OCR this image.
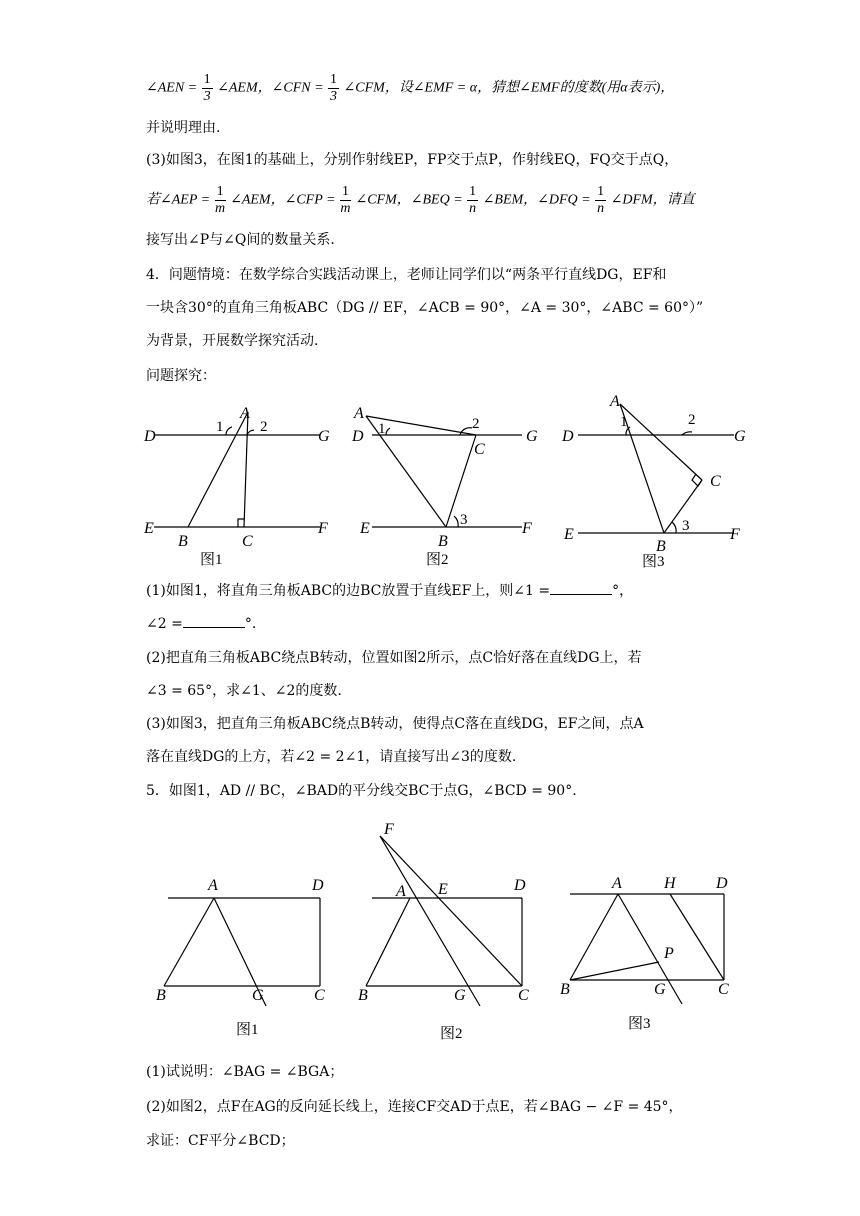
∠AEN = $\frac{1}{3}$ ∠AEM，∠CFN = $\frac{1}{3}$ ∠CFM，设∠EMF = α，猜想∠EMF的度数(用α表示)，
并说明理由.
(3)如图3，在图1的基础上，分别作射线EP，FP交于点P，作射线EQ，FQ交于点Q，
若∠AEP = $\frac{1}{m}$ ∠AEM，∠CFP = $\frac{1}{m}$ ∠CFM，∠BEQ = $\frac{1}{n}$ ∠BEM，∠DFQ = $\frac{1}{n}$ ∠DFM，请直
接写出∠P与∠Q间的数量关系.
4．问题情境：在数学综合实践活动课上，老师让同学们以“两条平行直线DG，EF和
一块含30°的直角三角板ABC（DG // EF，∠ACB = 90°，∠A = 30°，∠ABC = 60°）”
为背景，开展数学探究活动.
问题探究：
A
D	G
E	F
B	C
1 2
图1
A
D	G
E	F
B
C
1	2
3
图2
A
D	G
E	F
B
C
1	2
3
图3
(1)如图1，将直角三角板ABC的边BC放置于直线EF上，则∠1 =	°，
∠2 =	°.
(2)把直角三角板ABC绕点B转动，位置如图2所示，点C恰好落在直线DG上，若
∠3 = 65°，求∠1、∠2的度数.
(3)如图3，把直角三角板ABC绕点B转动，使得点C落在直线DG，EF之间，点A
落在直线DG的上方，若∠2 = 2∠1，请直接写出∠3的度数.
5．如图1，AD // BC，∠BAD的平分线交BC于点G，∠BCD = 90°.
A	D
B	G	C
图1
F
A E	D
B	G	C
图2
A	H	D
P
B	G	C
图3
(1)试说明：∠BAG = ∠BGA；
(2)如图2，点F在AG的反向延长线上，连接CF交AD于点E，若∠BAG − ∠F = 45°，
求证：CF平分∠BCD；
